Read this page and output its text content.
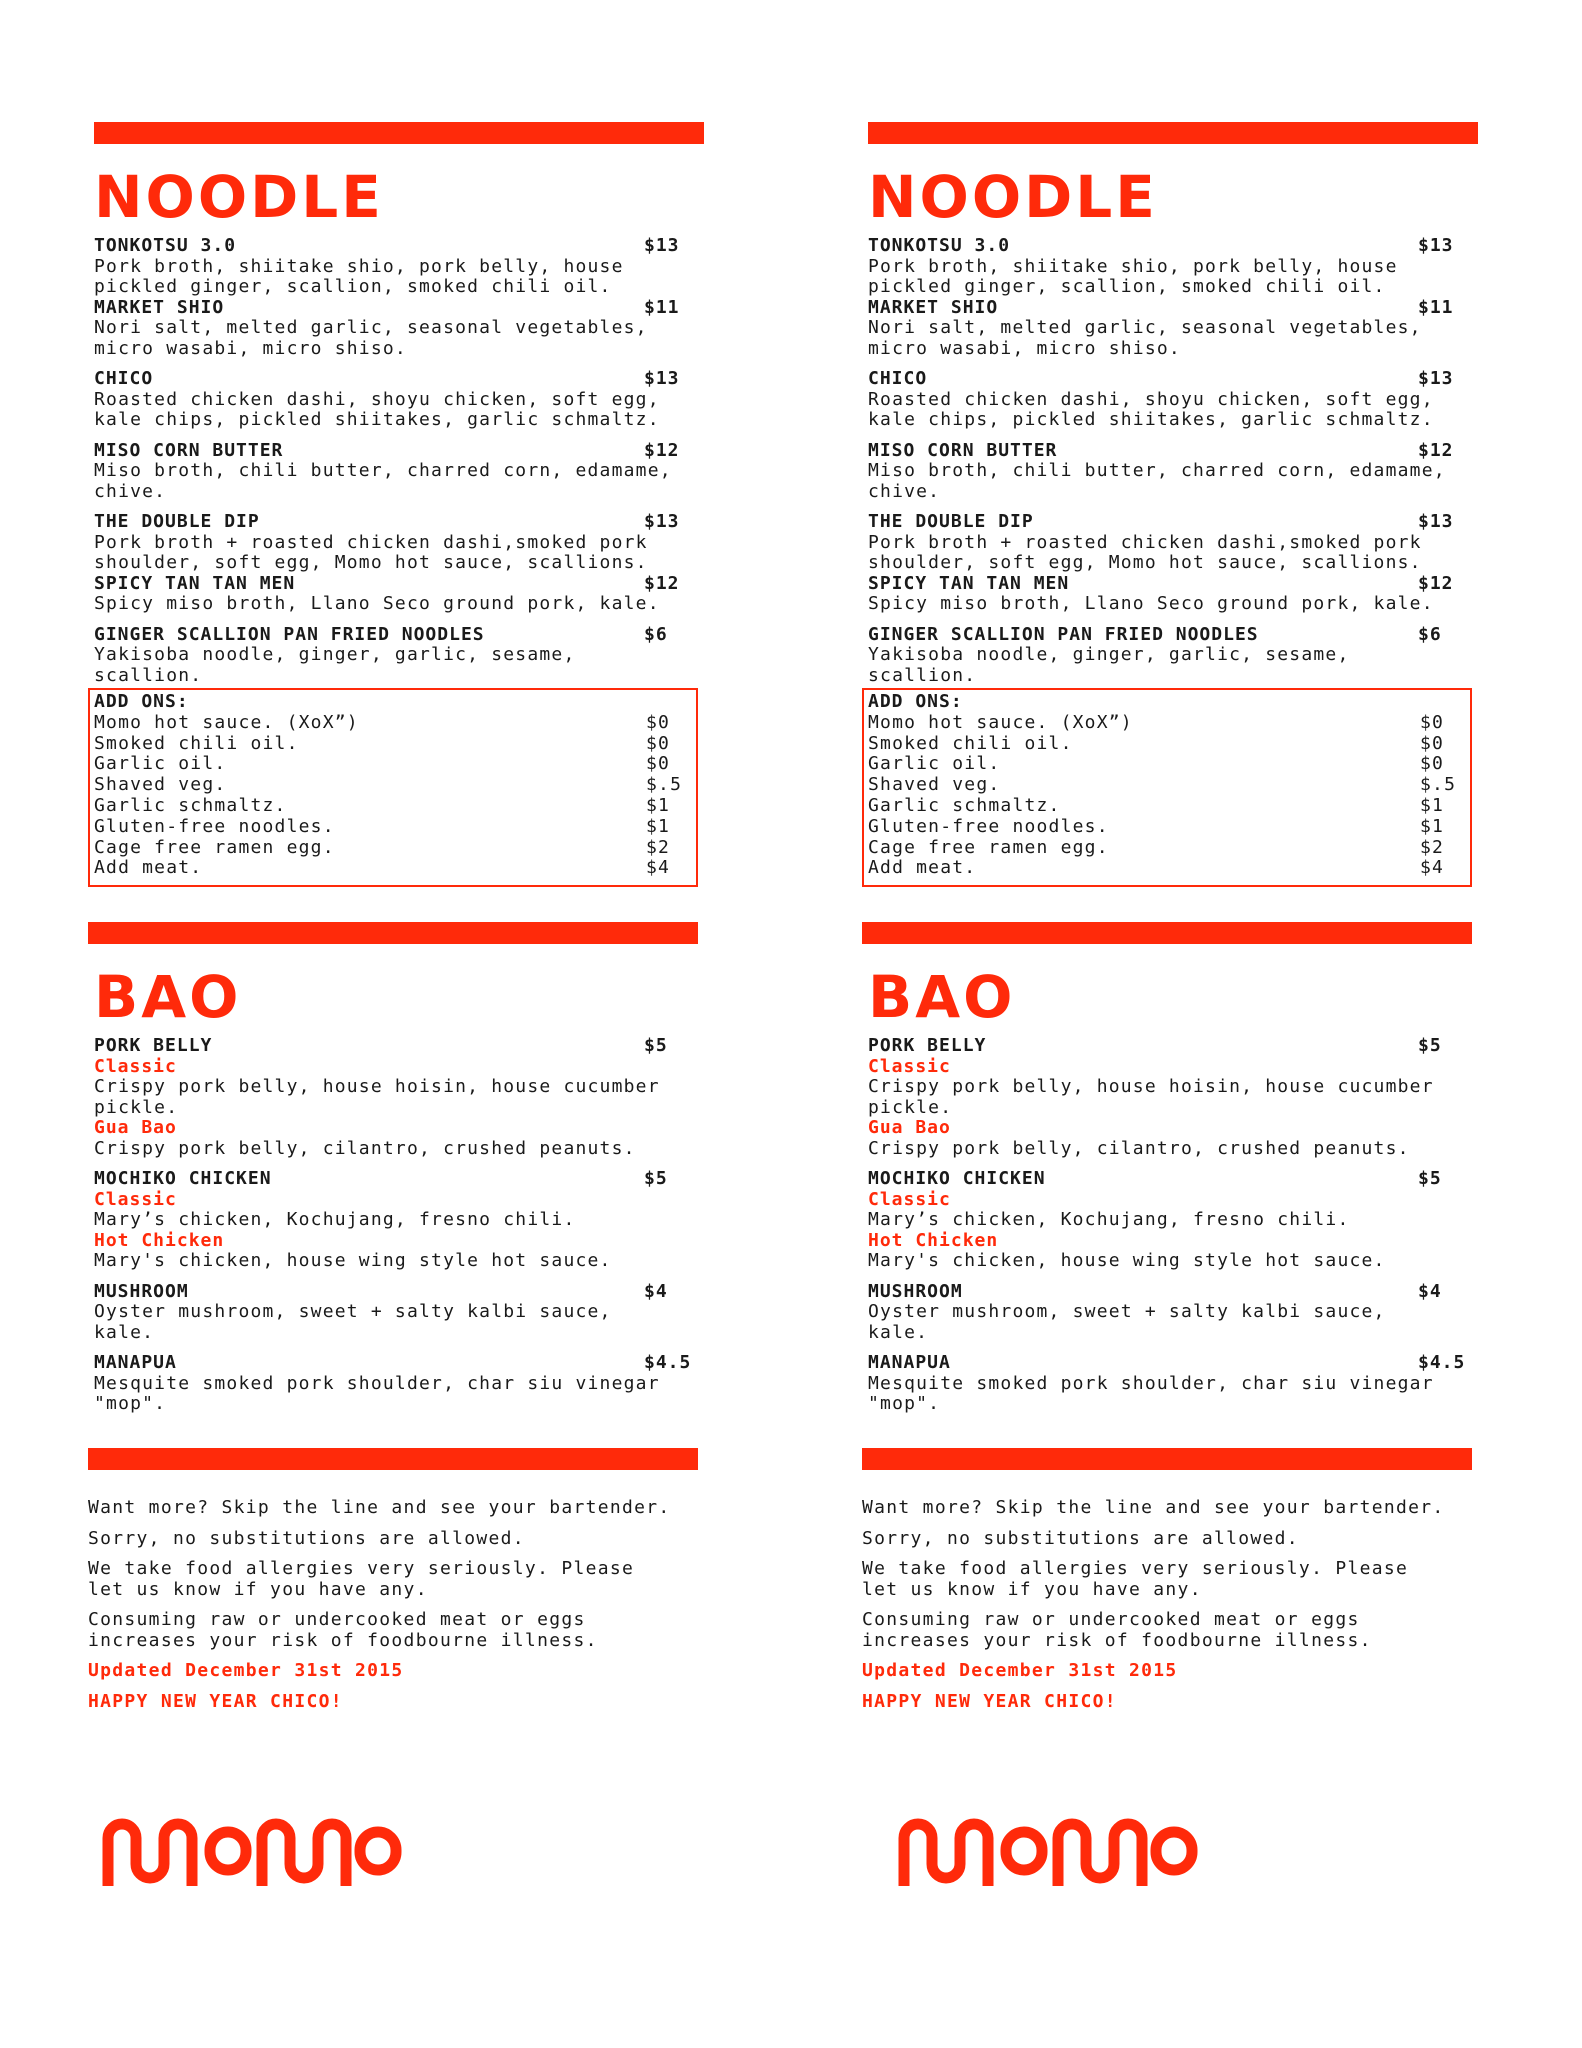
NOODLE
TONKOTSU 3.0	$13
Pork broth, shiitake shio, pork belly, house
pickled ginger, scallion, smoked chili oil.
MARKET SHIO	$11
Nori salt, melted garlic, seasonal vegetables,
micro wasabi, micro shiso.
CHICO	$13
Roasted chicken dashi, shoyu chicken, soft egg,
kale chips, pickled shiitakes, garlic schmaltz.
MISO CORN BUTTER	$12
Miso broth, chili butter, charred corn, edamame,
chive.
THE DOUBLE DIP	$13
Pork broth + roasted chicken dashi,smoked pork
shoulder, soft egg, Momo hot sauce, scallions.
SPICY TAN TAN MEN	$12
Spicy miso broth, Llano Seco ground pork, kale.
GINGER SCALLION PAN FRIED NOODLES	$6
Yakisoba noodle, ginger, garlic, sesame,
scallion.
ADD ONS:
Momo hot sauce. (XoX”)	$0
Smoked chili oil.	$0
Garlic oil.	$0
Shaved veg.	$.5
Garlic schmaltz.	$1
Gluten-free noodles.	$1
Cage free ramen egg.	$2
Add meat.	$4
BAO
PORK BELLY	$5
Classic
Crispy pork belly, house hoisin, house cucumber
pickle.
Gua Bao
Crispy pork belly, cilantro, crushed peanuts.
MOCHIKO CHICKEN	$5
Classic
Mary’s chicken, Kochujang, fresno chili.
Hot Chicken
Mary's chicken, house wing style hot sauce.
MUSHROOM	$4
Oyster mushroom, sweet + salty kalbi sauce,
kale.
MANAPUA	$4.5
Mesquite smoked pork shoulder, char siu vinegar
"mop".
Want more? Skip the line and see your bartender.
Sorry, no substitutions are allowed.
We take food allergies very seriously. Please
let us know if you have any.
Consuming raw or undercooked meat or eggs
increases your risk of foodbourne illness.
Updated December 31st 2015
HAPPY NEW YEAR CHICO!
NOODLE
TONKOTSU 3.0	$13
Pork broth, shiitake shio, pork belly, house
pickled ginger, scallion, smoked chili oil.
MARKET SHIO	$11
Nori salt, melted garlic, seasonal vegetables,
micro wasabi, micro shiso.
CHICO	$13
Roasted chicken dashi, shoyu chicken, soft egg,
kale chips, pickled shiitakes, garlic schmaltz.
MISO CORN BUTTER	$12
Miso broth, chili butter, charred corn, edamame,
chive.
THE DOUBLE DIP	$13
Pork broth + roasted chicken dashi,smoked pork
shoulder, soft egg, Momo hot sauce, scallions.
SPICY TAN TAN MEN	$12
Spicy miso broth, Llano Seco ground pork, kale.
GINGER SCALLION PAN FRIED NOODLES	$6
Yakisoba noodle, ginger, garlic, sesame,
scallion.
ADD ONS:
Momo hot sauce. (XoX”)	$0
Smoked chili oil.	$0
Garlic oil.	$0
Shaved veg.	$.5
Garlic schmaltz.	$1
Gluten-free noodles.	$1
Cage free ramen egg.	$2
Add meat.	$4
BAO
PORK BELLY	$5
Classic
Crispy pork belly, house hoisin, house cucumber
pickle.
Gua Bao
Crispy pork belly, cilantro, crushed peanuts.
MOCHIKO CHICKEN	$5
Classic
Mary’s chicken, Kochujang, fresno chili.
Hot Chicken
Mary's chicken, house wing style hot sauce.
MUSHROOM	$4
Oyster mushroom, sweet + salty kalbi sauce,
kale.
MANAPUA	$4.5
Mesquite smoked pork shoulder, char siu vinegar
"mop".
Want more? Skip the line and see your bartender.
Sorry, no substitutions are allowed.
We take food allergies very seriously. Please
let us know if you have any.
Consuming raw or undercooked meat or eggs
increases your risk of foodbourne illness.
Updated December 31st 2015
HAPPY NEW YEAR CHICO!
